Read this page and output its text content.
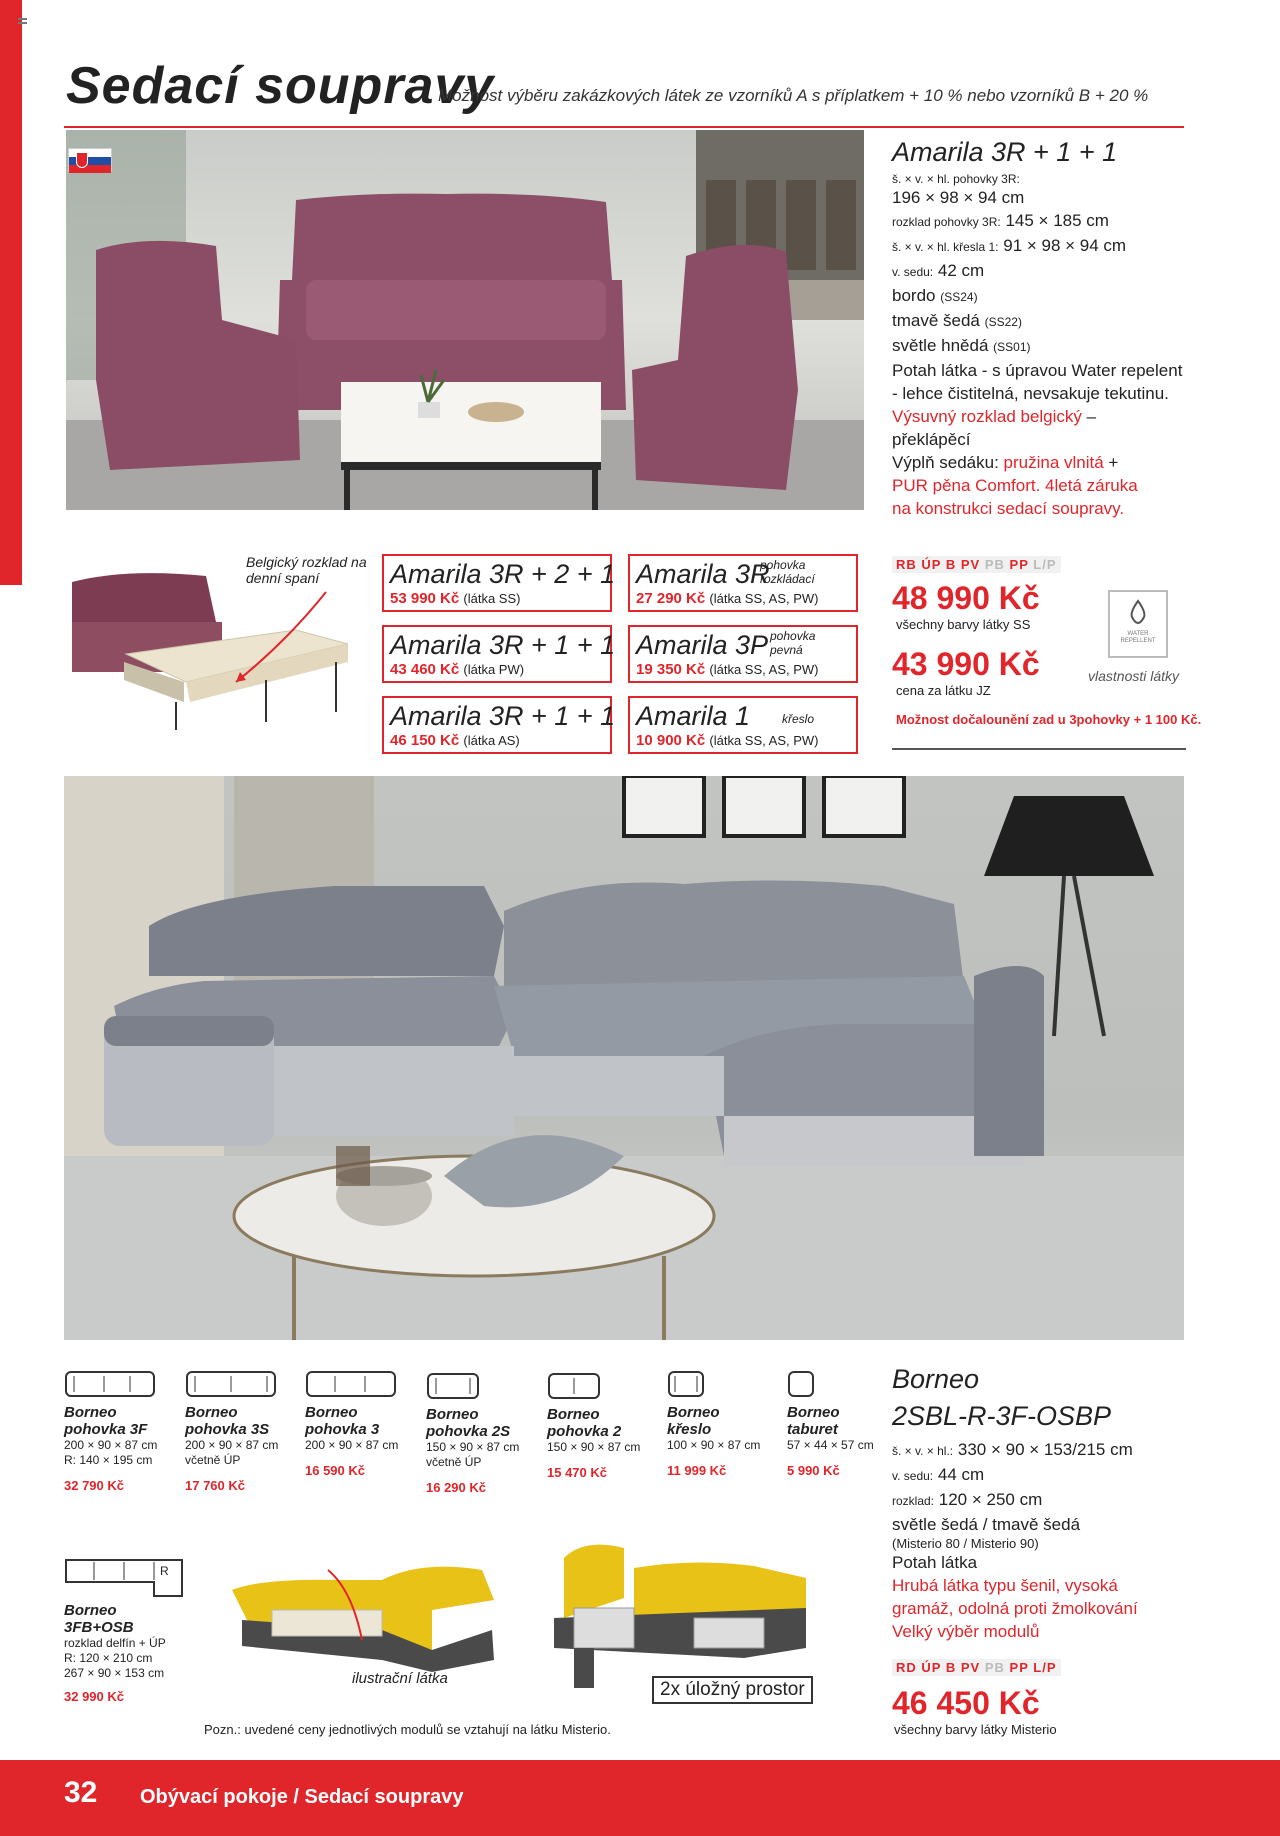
Sedací soupravy
Možnost výběru zakázkových látek ze vzorníků A s příplatkem + 10 % nebo vzorníků B + 20 %
Amarila 3R + 1 + 1
š. × v. × hl. pohovky 3R:
196 × 98 × 94 cm
rozklad pohovky 3R: 145 × 185 cm
š. × v. × hl. křesla 1: 91 × 98 × 94 cm
v. sedu: 42 cm
bordo (SS24)
tmavě šedá (SS22)
světle hnědá (SS01)
Potah látka - s úpravou Water repelent
- lehce čistitelná, nevsakuje tekutinu.
Výsuvný rozklad belgický –
překlápěcí
Výplň sedáku: pružina vlnitá +
PUR pěna Comfort. 4letá záruka
na konstrukci sedací soupravy.
Belgický rozklad na denní spaní	Amarila 3R + 2 + 1
53 990 Kč (látka SS)
Amarila 3R
pohovka rozkládací
27 290 Kč (látka SS, AS, PW)
Amarila 3R + 1 + 1
43 460 Kč (látka PW)
Amarila 3P pohovka pevná
19 350 Kč (látka SS, AS, PW)
Amarila 3R + 1 + 1
46 150 Kč (látka AS)
Amarila 1	křeslo
10 900 Kč (látka SS, AS, PW)
RB ÚP B PV PB PP L/P
48 990 Kč
všechny barvy látky SS
43 990 Kč
cena za látku JZ
WATER REPELLENT
vlastnosti látky
Možnost dočalounění zad u 3pohovky + 1 100 Kč.
Borneo
pohovka 3F
200 × 90 × 87 cm
R: 140 × 195 cm
32 790 Kč
Borneo
pohovka 3S
200 × 90 × 87 cm
včetně ÚP
17 760 Kč
Borneo
pohovka 3
200 × 90 × 87 cm
16 590 Kč
Borneo
pohovka 2S
150 × 90 × 87 cm
včetně ÚP
16 290 Kč
Borneo
pohovka 2
150 × 90 × 87 cm
15 470 Kč
Borneo
křeslo
100 × 90 × 87 cm
11 999 Kč
Borneo
taburet
57 × 44 × 57 cm
5 990 Kč
R
Borneo
3FB+OSB
rozklad delfín + ÚP
R: 120 × 210 cm
267 × 90 × 153 cm
32 990 Kč
ilustrační látka
2x úložný prostor
Pozn.: uvedené ceny jednotlivých modulů se vztahují na látku Misterio.
Borneo
2SBL-R-3F-OSBP
š. × v. × hl.: 330 × 90 × 153/215 cm
v. sedu: 44 cm
rozklad: 120 × 250 cm
světle šedá / tmavě šedá
(Misterio 80 / Misterio 90)
Potah látka
Hrubá látka typu šenil, vysoká
gramáž, odolná proti žmolkování
Velký výběr modulů
RD ÚP B PV PB PP L/P
46 450 Kč
všechny barvy látky Misterio
32 Obývací pokoje / Sedací soupravy
